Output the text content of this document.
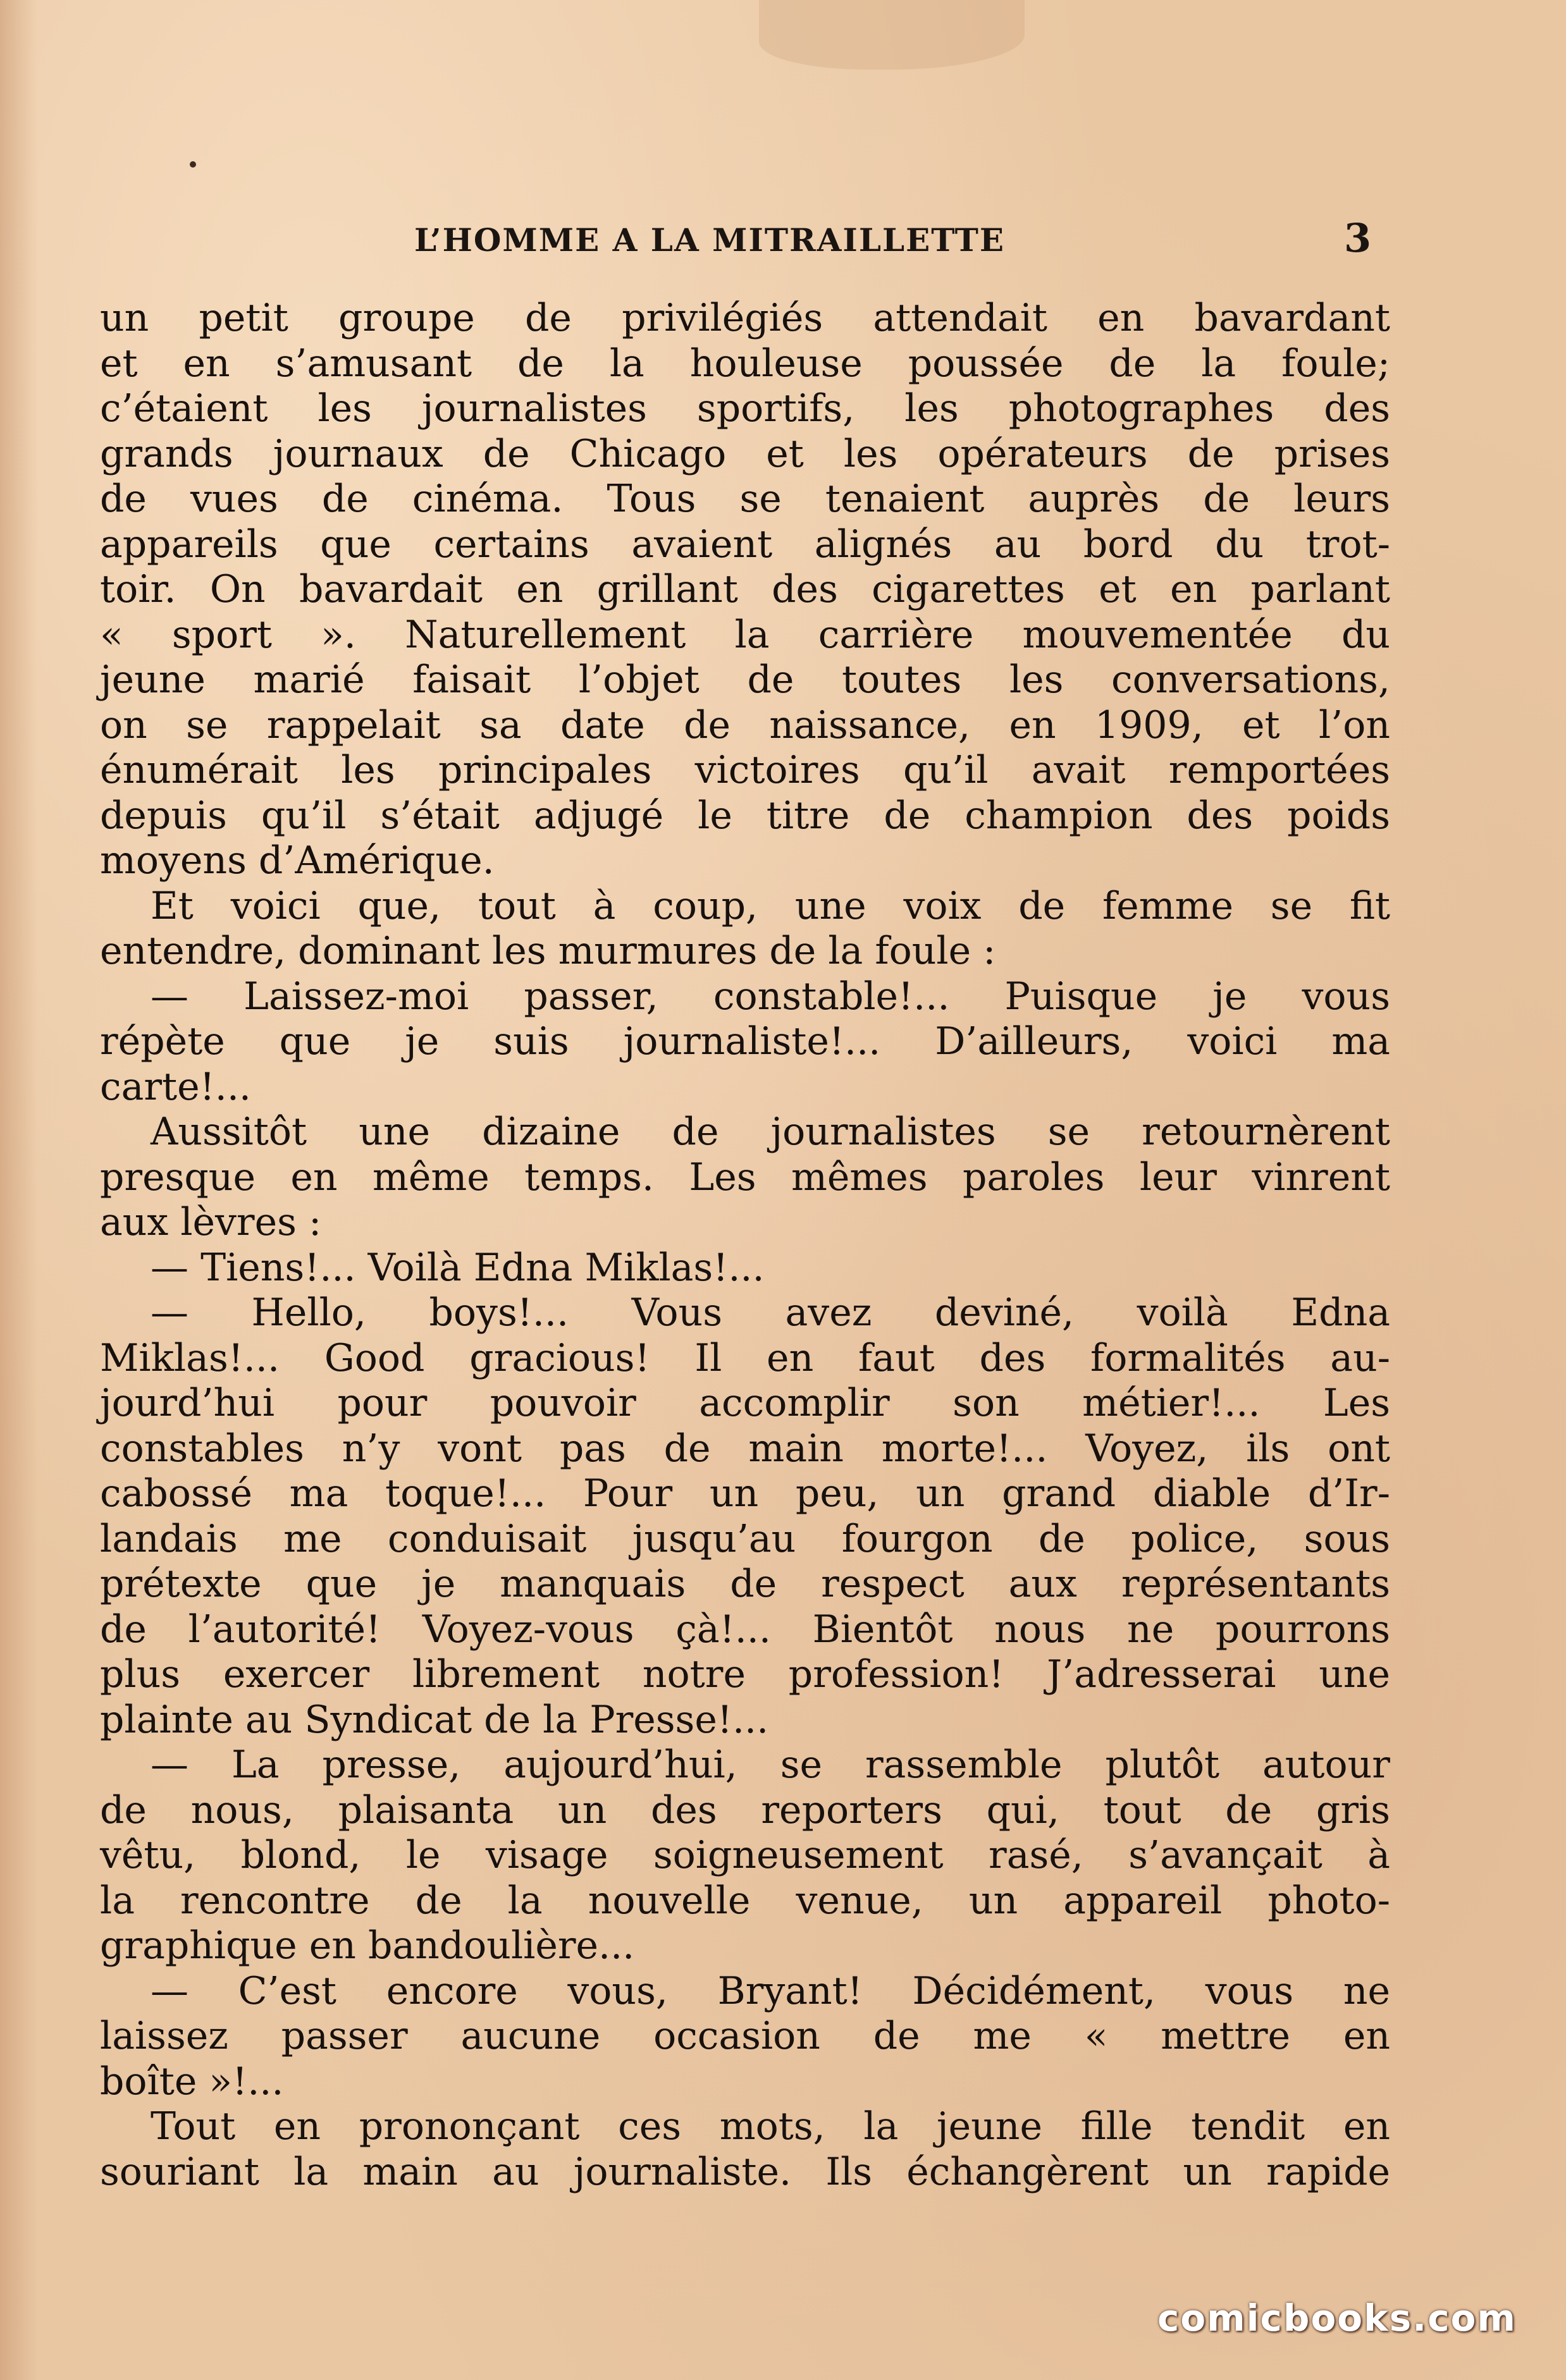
L’HOMME A LA MITRAILLETTE	3
un petit groupe de privilégiés attendait en bavardant
et en s’amusant de la houleuse poussée de la foule;
c’étaient les journalistes sportifs, les photographes des
grands journaux de Chicago et les opérateurs de prises
de vues de cinéma. Tous se tenaient auprès de leurs
appareils que certains avaient alignés au bord du trot-
toir. On bavardait en grillant des cigarettes et en parlant
« sport ». Naturellement la carrière mouvementée du
jeune marié faisait l’objet de toutes les conversations,
on se rappelait sa date de naissance, en 1909, et l’on
énumérait les principales victoires qu’il avait remportées
depuis qu’il s’était adjugé le titre de champion des poids
moyens d’Amérique.
Et voici que, tout à coup, une voix de femme se fit
entendre, dominant les murmures de la foule :
— Laissez-moi passer, constable!... Puisque je vous
répète que je suis journaliste!... D’ailleurs, voici ma
carte!...
Aussitôt une dizaine de journalistes se retournèrent
presque en même temps. Les mêmes paroles leur vinrent
aux lèvres :
— Tiens!... Voilà Edna Miklas!...
— Hello, boys!... Vous avez deviné, voilà Edna
Miklas!... Good gracious! Il en faut des formalités au-
jourd’hui pour pouvoir accomplir son métier!... Les
constables n’y vont pas de main morte!... Voyez, ils ont
cabossé ma toque!... Pour un peu, un grand diable d’Ir-
landais me conduisait jusqu’au fourgon de police, sous
prétexte que je manquais de respect aux représentants
de l’autorité! Voyez-vous çà!... Bientôt nous ne pourrons
plus exercer librement notre profession! J’adresserai une
plainte au Syndicat de la Presse!...
— La presse, aujourd’hui, se rassemble plutôt autour
de nous, plaisanta un des reporters qui, tout de gris
vêtu, blond, le visage soigneusement rasé, s’avançait à
la rencontre de la nouvelle venue, un appareil photo-
graphique en bandoulière...
— C’est encore vous, Bryant! Décidément, vous ne
laissez passer aucune occasion de me « mettre en
boîte »!...
Tout en prononçant ces mots, la jeune fille tendit en
souriant la main au journaliste. Ils échangèrent un rapide
comicbooks.com
